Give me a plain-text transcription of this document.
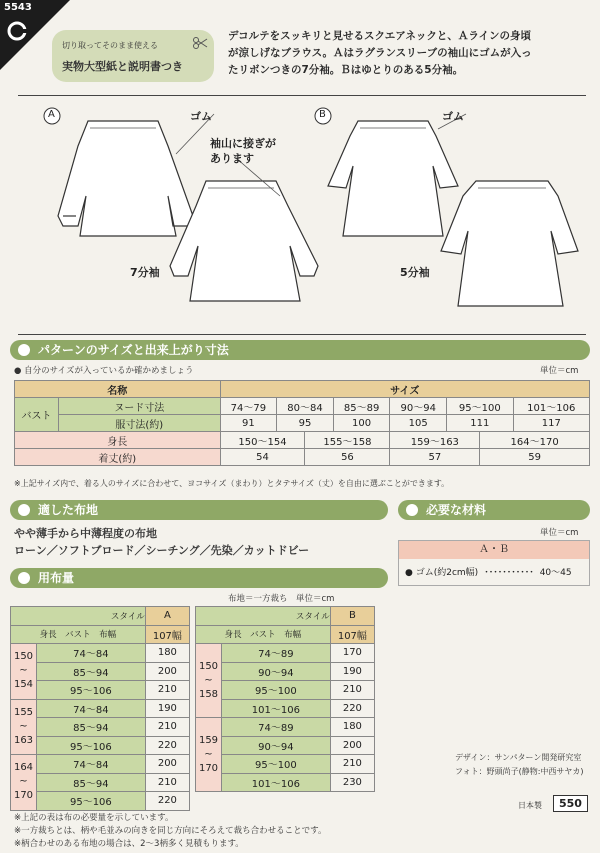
5543
切り取ってそのまま使える
実物大型紙と説明書つき
デコルテをスッキリと見せるスクエアネックと、Ａラインの身頃
が涼しげなブラウス。Ａはラグランスリーブの袖山にゴムが入っ
たリボンつきの7分袖。Ｂはゆとりのある5分袖。
A	B
ゴム	ゴム
袖山に接ぎが
あります
7分袖	5分袖
パターンのサイズと出来上がり寸法
● 自分のサイズが入っているか確かめましょう	単位＝cm
名称		サイズ							
バスト	ヌード寸法	74〜79	80〜84		85〜89	90〜94	95〜100		101〜106
	服寸法(約)	91	95		100	105	111		117
身長		150〜154		155〜158		159〜163		164〜170	
着丈(約)		54		56		57		59	
※上記サイズ内で、着る人のサイズに合わせて、ヨコサイズ（まわり）とタテサイズ（丈）を自由に選ぶことができます。
適した布地
やや薄手から中薄程度の布地
ローン／ソフトブロード／シーチング／先染／カットドビー
必要な材料
単位＝cm
Ａ・Ｂ
● ゴム(約2cm幅) ･･･････････ 40〜45
用布量
布地＝一方裁ち　単位＝cm
スタイル		A
身長　 バスト　 布幅		107幅

150
~
154	74〜84	180
	85〜94	200
	95〜106	210

155
~
163	74〜84	190
	85〜94	210
	95〜106	220

164
~
170	74〜84	200
	85〜94	210
	95〜106	220
スタイル		B
身長　 バスト　 布幅		107幅

150
~
158	74〜89	170
	90〜94	190
	95〜100	210
	101〜106	220

159
~
170	74〜89	180
	90〜94	200
	95〜100	210
	101〜106	230
※上記の表は布の必要量を示しています。
※一方裁ちとは、柄や毛並みの向きを同じ方向にそろえて裁ち合わせることです。
※柄合わせのある布地の場合は、2〜3柄多く見積もります。
デザイン：サンパターン開発研究室
フォト：野頭尚子(静物:中西サヤカ)
日本製	550
